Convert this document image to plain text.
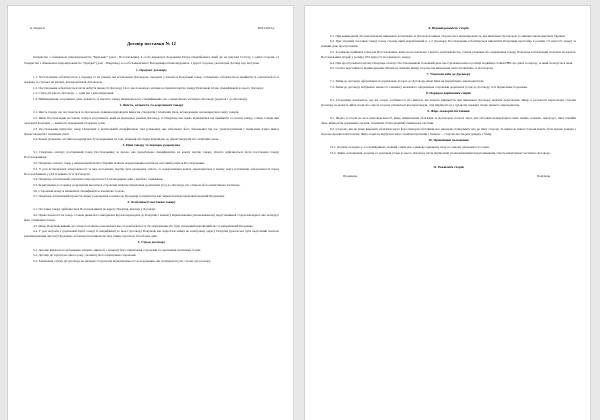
м. Черкаси	28.03.2023 р.
Договір поставки № 12

Товариство з обмеженою відповідальністю "Будельвіс" (далі - Постачальник), в особі директора Дороженка Петра Олексійовича, який діє на підставі Статуту, з однієї сторони, та Товариство з обмеженою відповідальністю "Орхідея" (далі - Покупець), в особі Хименського Володимира Олександровича, з другої сторони, уклали цей Договір про наступне.

1. Предмет договору

1.1. Постачальник зобов'язується у порядку та на умовах, які встановлені Договором, передати у власність Покупцеві товар, а Покупець зобов'язується прийняти та оплатити його в порядку та строки і на умовах, які передбачені Договором.

1.2. Постачальник зобов'язується після набуття чинності Договору 10-го числа кожного місяця поставляти партію товару Покупцеві згідно специфікацій до цього Договору.

1.3. Строк дії даного Договору — один рік з дня підписання.

1.4. Найменування, асортимент, ціна, кількість та вартість товару визначаються у специфікаціях, що є невід'ємною частиною Договору (додаток 1 до Договору).

2. Якість, кількість та асортимент товару

2.1. Якість товару, що постачається за Договором, повинна відповідати вимогам стандартів і технічних умов, встановлених для конкретного виду товарів.

2.2. Якщо Постачальник поставляє товар в асортименті, який не відповідає умовам Договору, то Покупець має право відмовитися від прийняття та оплати товару, а якщо товари вже оплачені Покупцем — вимагати повернення сплаченої суми.

2.3. Постачальник відпускає товар Покупцеві у незіпсованій спеціфікацією тарі (упаковці), яка забезпечує його збереження під час транспортування і зберігання згідно вимог Держстандартів і технічних умов.

2.4. Кожна упакована частина продукції має бути маркована на тарі, упаковці або бирці відповідно до Держстандартів або технічних умов.

3. Ціна товару та порядок розрахунку

3.1. Покупець оплачує поставлений товар Постачальнику за ціною, яка передбачена специфікацією на кожну партію товару. Оплата здійснюється після постачання товару Постачальником.

3.2. Покупець оплачує товар у національній валюті України шляхом перерахування коштів на поточний рахунок Постачальника.

3.3. У разі встановленої заборгованості за вже поставлену партію була проведена оплата, то перерахованні кошти зараховуються в першу чергу погашення заборгованості перед Постачальником у разі її наявності за Договором.

3.4. Покупець зобов'язаний оплатити товар протягом 3-х календарних днів з дня його отримання.

3.5. Коригування до порядку розрахунків вносяться сторонами шляхом підписання додаткових угод до Договору, що є їхньою його невід'ємною частиною.

3.6. Сторонами можуть змінювати специфікації за взаємною згодою.

3.7. Покупець зобов'язаний провести звірку розрахунків за вимогою Продавця та підписати Акт звірки взаєморозрахунків наданий Продавцем.

4. Особливості поставки товару

4.1. Поставка товару здійснюється Постачальником на адресу Покупця, вказану у Договорі.

4.2. Право власності на товар, а також ризик його випадкової втрати переходить до Покупця з моменту відвантаження уповноваженому представникові сторін накладної, яка засвідчує факт отримання товару.

4.3. Якщо Покупець виявив, що товар поставлено неналежної якості, комплектності, без маркування або бути складений відповідний акт та направлений Продавцю.

4.4. У разі потреби у додатковій партії товару й специфікації до цього Договору Покупець має надіслати заявку на електронну адресу Покупця (зразок має бути надісланий поштою рекомендованим листом) Продавець зобов'язується виконати таку заявку протягом 10 робочих днів.

5. Строк договору

5.1. Договір вважається укладеним і набуває чинності з моменту його підписання сторонами та скріплення печатками сторін.

5.2. Договір діє протягом одного року з моменту його підписання сторонами.

5.3. Закінчення строку дії договору не звільняє сторони від відповідальності за порушення, які допущені під час строку дії договору.

6. Відповідальність сторін

6.1. При невиконанні або неналежному виконанні зобов'язань за Договором винна сторона несе відповідальність, яка визначена Договором та чинним законодавством України.

6.2. При затримці поставки товару понад строки, який передбачений п. 1.2 Договору, Постачальник зобов'язується виплатити Покупцеві неустойку в розмірі 1% вартості товару за кожний день прострочення.

6.3. За відмову прийняти товар від Постачальника, якщо це не пов'язано з якістю, комплектністю, станом упаковки або маркування товару, Покупець зобов'язаний сплатити на користь Постачальника штраф у розмірі 10% вартості поставленого товару.

6.4. При простроченні платежу Покупець сплачує Постачальникові за кожний день прострочення пеню в розмірі подвійної ставки НБУ, що діяла за період, за який сплачується пеня.

6.5. Сплата неустойки та відшкодування збитків не звільняє винну сторону від виконання своїх зобов'язань за Договором.

7. Умовами змін до Договору

7.1. Зміни до договору оформляються додатковою угодою до Договору, якщо інше не передбачено законодавством.

7.2. Зміни до договору набувають чинності з моменту належного оформлення сторонами додаткової угоди до Договору та її підписання сторонами.

8. Порядок вирішення спорів

8.1. Сторонами зазначають, що всі спори, розбіжності або вимоги, які можуть виникнути при виконанні Договору шляхом переговорів. Якщо в результаті переговорів сторони Договору не можуть дійти згоди або одна й сторона ухиляється від переговорів, спір вирішується у судовому порядку згідно чинного законодавства.

9. Форс-мажорні обставини

9.1. Жодна зі сторін не несе відповідальності, якщо невиконання обов'язків за Договором сталося через дію обставин непереборної сили: повінь, пожежа, землетрус, інші стихійні лиха, війна,актів державних органів, технічних збоїв (аварійні) банківської системи.

9.2. Сторона, яка не може виконати обов'язки через форс-мажорні обставини має письмово повідомити про це іншу сторону. За вимогою іншої сторони мають бути надана довідка з Торгово-промислової палати. Якщо подія не відбулася через технічні проблеми з банком — сторона має надати довідку з банку.

10. Прикінцеві положення

10.1. Договір складено у 2-х примірниках, кожний з яких має однакову юридичну силу, по одному для кожної зі сторін.

10.2. Зміни, доповнення, додатки та додаткові угоди до цього Договору після підписання уповноваженими представниками стають невід'ємною частиною Договору.

11. Реквізити сторін
Продавець	Покупець
